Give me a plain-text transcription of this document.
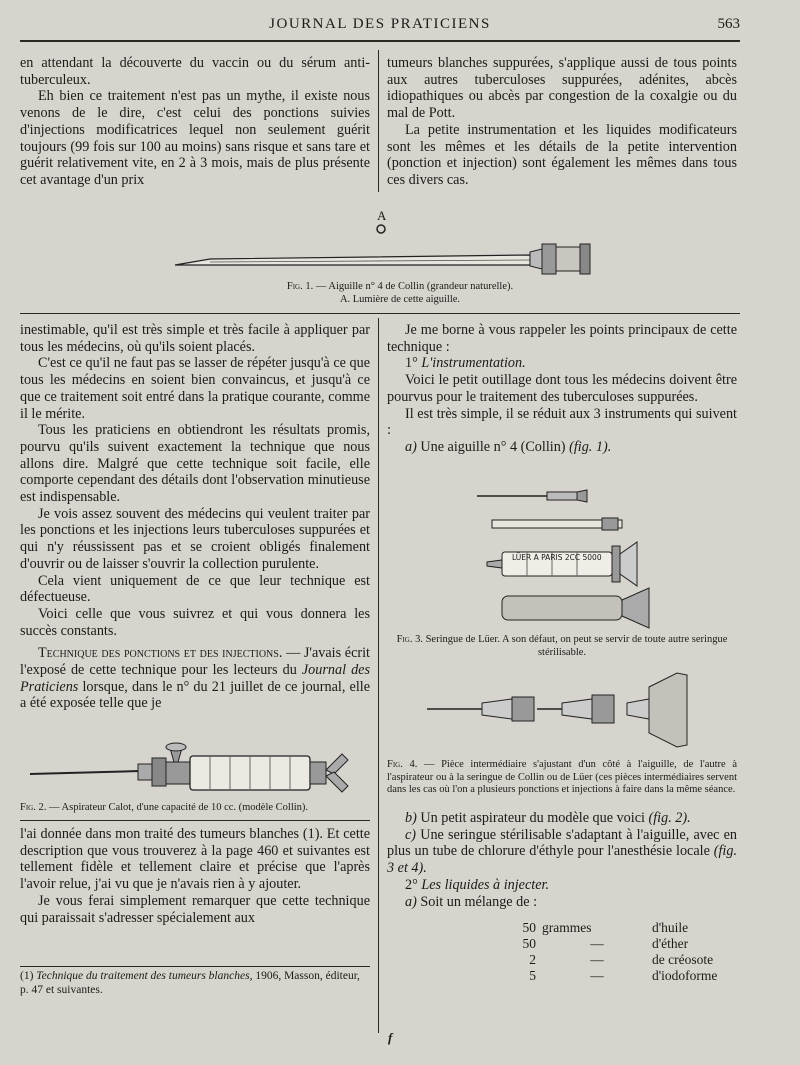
JOURNAL DES PRATICIENS	563

en attendant la découverte du vaccin ou du sérum anti-tuberculeux.

Eh bien ce traitement n'est pas un mythe, il existe nous venons de le dire, c'est celui des ponctions suivies d'injections modificatrices lequel non seulement guérit toujours (99 fois sur 100 au moins) sans risque et sans tare et guérit relativement vite, en 2 à 3 mois, mais de plus présente cet avantage d'un prix

tumeurs blanches suppurées, s'applique aussi de tous points aux autres tuberculoses suppurées, adénites, abcès idiopathiques ou abcès par congestion de la coxalgie ou du mal de Pott.

La petite instrumentation et les liquides modificateurs sont les mêmes et les détails de la petite intervention (ponction et injection) sont également les mêmes dans tous ces divers cas.

A
Fig. 1. — Aiguille n° 4 de Collin (grandeur naturelle).
A. Lumière de cette aiguille.

inestimable, qu'il est très simple et très facile à appliquer par tous les médecins, où qu'ils soient placés.

C'est ce qu'il ne faut pas se lasser de répéter jusqu'à ce que tous les médecins en soient bien convaincus, et jusqu'à ce que ce traitement soit entré dans la pratique courante, comme il le mérite.

Tous les praticiens en obtiendront les résultats promis, pourvu qu'ils suivent exactement la technique que nous allons dire. Malgré que cette technique soit facile, elle comporte cependant des détails dont l'observation minutieuse est indispensable.

Je vois assez souvent des médecins qui veulent traiter par les ponctions et les injections leurs tuberculoses suppurées et qui n'y réussissent pas et se croient obligés finalement d'ouvrir ou de laisser s'ouvrir la collection purulente.

Cela vient uniquement de ce que leur technique est défectueuse.

Voici celle que vous suivrez et qui vous donnera les succès constants.

Technique des ponctions et des injections. — J'avais écrit l'exposé de cette technique pour les lecteurs du Journal des Praticiens lorsque, dans le n° du 21 juillet de ce journal, elle a été exposée telle que je

Fig. 2. — Aspirateur Calot, d'une capacité de 10 cc. (modèle Collin).

l'ai donnée dans mon traité des tumeurs blanches (1). Et cette description que vous trouverez à la page 460 et suivantes est tellement fidèle et tellement claire et précise que l'après l'avoir relue, j'ai vu que je n'avais rien à y ajouter.

Je vous ferai simplement remarquer que cette technique qui paraissait s'adresser spécialement aux

(1) Technique du traitement des tumeurs blanches, 1906, Masson, éditeur, p. 47 et suivantes.

Je me borne à vous rappeler les points principaux de cette technique :

1° L'instrumentation.

Voici le petit outillage dont tous les médecins doivent être pourvus pour le traitement des tuberculoses suppurées.

Il est très simple, il se réduit aux 3 instruments qui suivent :

a) Une aiguille n° 4 (Collin) (fig. 1).

LÜER A PARIS 2CC 5000
Fig. 3. Seringue de Lüer. A son défaut, on peut se servir de toute autre seringue stérilisable.
Fig. 4. — Pièce intermédiaire s'ajustant d'un côté à l'aiguille, de l'autre à l'aspirateur ou à la seringue de Collin ou de Lüer (ces pièces intermédiaires servent dans les cas où l'on a plusieurs ponctions et injections à faire dans la même séance.

b) Un petit aspirateur du modèle que voici (fig. 2).

c) Une seringue stérilisable s'adaptant à l'aiguille, avec en plus un tube de chlorure d'éthyle pour l'anesthésie locale (fig. 3 et 4).

2° Les liquides à injecter.

a) Soit un mélange de :

50 grammes	d'huile
50	—	d'éther
2	—	de créosote
5	—	d'iodoforme
f
